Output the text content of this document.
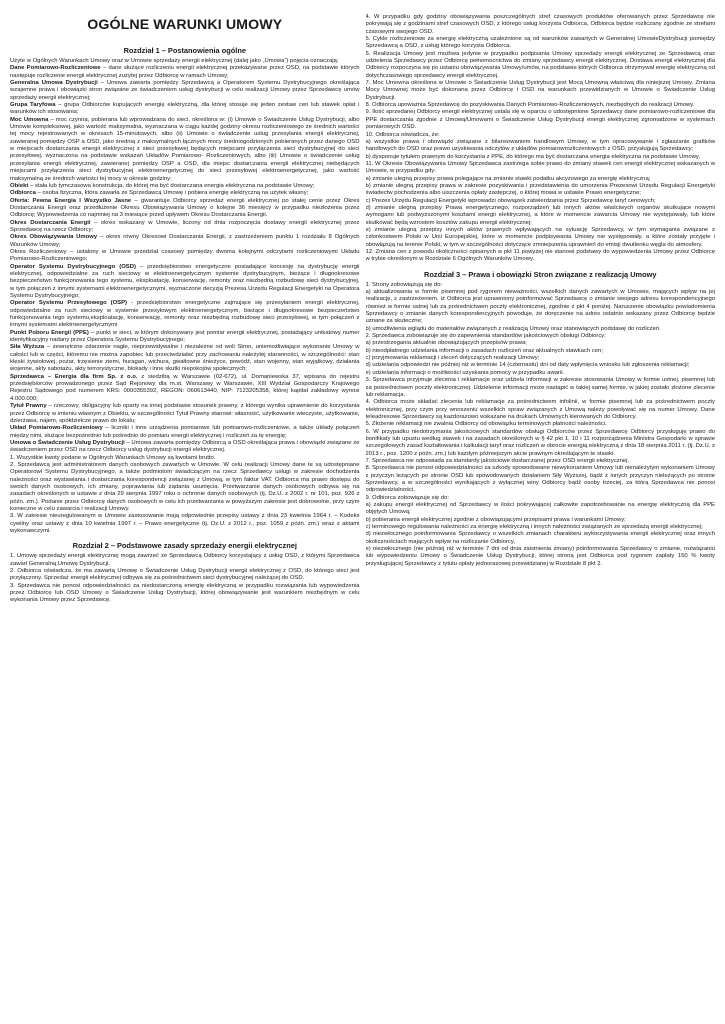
OGÓLNE WARUNKI UMOWY
Rozdział 1 – Postanowienia ogólne

Użyte w Ogólnych Warunkach Umowy oraz w Umowie sprzedaży energii elektrycznej (dalej jako „Umowa”) pojęcia oznaczają:

Dane Pomiarowo-Rozliczeniowe – dane służące rozliczeniu energii elektrycznej przekazywane przez OSD, na podstawie których następuje rozliczenie energii elektrycznej zużytej przez Odbiorcę w ramach Umowy;

Generalna Umowa Dystrybucji – Umowa zawarta pomiędzy Sprzedawcą a Operatorem Systemu Dystrybucyjnego określająca wzajemne prawa i obowiązki stron związane ze świadczeniem usług dystrybucji w celu realizacji Umowy przez Sprzedawcę umów sprzedaży energii elektrycznej;

Grupa Taryfowa – grupa Odbiorców kupujących energię elektryczną, dla której stosuje się jeden zestaw cen lub stawek opłat i warunków ich stosowania;

Moc Umowna – moc czynna, pobierana lub wprowadzana do sieci, określona w: (i) Umowie o Świadczenie Usług Dystrybucji, albo Umowie kompleksowej, jako wartość maksymalna, wyznaczana w ciągu każdej godziny okresu rozliczeniowego ze średnich wartości tej mocy rejestrowanych w okresach 15-minutowych, albo (ii) Umowie o świadczenie usług przesyłania energii elektrycznej, zawieranej pomiędzy OSP a OSD, jako średnią z maksymalnych łącznych mocy średniogodzinnych pobieranych przez danego OSD w miejscach dostarczania energii elektrycznej z sieci przesyłowej będących miejscami przyłączenia sieci dystrybucyjnej do sieci przesyłowej, wyznaczona na podstawie wskazań Układów Pomiarowo- Rozliczeniowych, albo (iii) Umowie o świadczenie usług przesyłania energii elektrycznej, zawieranej pomiędzy OSP a OSD, dla miejsc dostarczania energii elektrycznej niebędących miejscami przyłączenia sieci dystrybucyjnej elektroenergetycznej do sieci przesyłowej elektroenergetycznej, jako wartość maksymalną ze średnich wartości tej mocy w okresie godziny;

Obiekt – stała lub tymczasowa konstrukcja, do której ma być dostarczana energia elektryczna na podstawie Umowy;

Odbiorca – osoba fizyczna, która zawarła ze Sprzedawcą Umowę i pobiera energię elektryczną na użytek własny;

Oferta: Pewna Energia I Wszystko Jasne – gwarantuje Odbiorcy sprzedaż energii elektrycznej po stałej cenie przez Okres Dostarczania Energii oraz przedłużenie Okresu Obowiązywania Umowy o kolejne 36 miesięcy w przypadku niezłożenia przez Odbiorcę; Wypowiedzenia co najmniej na 3 miesiące przed upływem Okresu Dostarczania Energii.

Okres Dostarczania Energii – okres wskazany w Umowie, liczony od dnia rozpoczęcia dostawy energii elektrycznej przez Sprzedawcę na rzecz Odbiorcy;

Okres Obowiązywania Umowy – okres równy Okresowi Dostarczania Energii, z zastrzeżeniem punktu 1 rozdziału 8 Ogólnych Warunków Umowy;

Okres Rozliczeniowy – ustalony w Umowie przedział czasowy pomiędzy dwoma kolejnymi odczytami rozliczeniowymi Układu Pomiarowo-Rozliczeniowego;

Operator Systemu Dystrybucyjnego (OSD) – przedsiębiorstwo energetyczne posiadające koncesję na dystrybucję energii elektrycznej, odpowiedzialne za ruch sieciowy w elektroenergetycznym systemie dystrybucyjnym, bieżące i długookresowe bezpieczeństwo funkcjonowania tego systemu, eksploatację, konserwację, remonty oraz niezbędną rozbudowę sieci dystrybucyjnej, w tym połączeń z innymi systemami elektroenergetycznymi, wyznaczone decyzją Prezesa Urzędu Regulacji Energetyki na Operatora Systemu Dystrybucyjnego;

Operator Systemu Przesyłowego (OSP) - przedsiębiorstwo energetyczne zajmujące się przesyłaniem energii elektrycznej, odpowiedzialne za ruch sieciowy w systemie przesyłowym elektroenergetycznym, bieżące i długookresowe bezpieczeństwo funkcjonowania tego systemu,eksploatację, konserwację, remonty oraz niezbędną rozbudowę sieci przesyłowej, w tym połączeń z innymi systemami elektroenergetycznymi

Punkt Poboru Energii (PPE) – punkt w sieci, w którym dokonywany jest pomiar energii elektrycznej, posiadający unikatowy numer identyfikacyjny nadany przez Operatora Systemu Dystrybucyjnego;

Siła Wyższa – zewnętrzne zdarzenie nagłe, nieprzewidywalne i niezależne od woli Stron, uniemożliwiające wykonanie Umowy w całości lub w części, któremu nie można zapobiec lub przeciwdziałać przy zachowaniu należytej staranności, w szczególności: stan klęski żywiołowej, pożar, trzęsienie ziemi, huragan, wichura, gwałtowne śnieżyce, powódź, stan wojenny, stan wyjątkowy, działania wojenne, akty sabotażu, akty terrorystyczne, blokady i inne skutki niepokojów społecznych;

Sprzedawca – Energia dla firm Sp. z o.o. z siedzibą w Warszawie (02-672), ul. Domaniewska 37, wpisana do rejestru przedsiębiorców prowadzonego przez Sąd Rejonowy dla m.st. Warszawy w Warszawie, XIII Wydział Gospodarczy Krajowego Rejestru Sądowego pod numerem KRS: 0000355392, REGON: 060613440, NIP: 7123205358, której kapitał zakładowy wynosi 4.000.000;

Tytuł Prawny – rzeczowy, obligacyjny lub oparty na innej podstawie stosunek prawny, z którego wynika uprawnienie do korzystania przez Odbiorcę w imieniu własnym z Obiektu, w szczególności Tytuł Prawny stanowi: własność, użytkowanie wieczyste, użytkowanie, dzierżawa, najem, spółdzielcze prawo do lokalu;

Układ Pomiarowo-Rozliczeniowy – liczniki i inne urządzenia pomiarowe lub pomiarowo-rozliczeniowe, a także układy połączeń między nimi, służące bezpośrednio lub pośrednio do pomiaru energii elektrycznej i rozliczeń za tę energię;

Umowa o Świadczenie Usług Dystrybucji – Umowa zawarta pomiędzy Odbiorcą a OSD określająca prawa i obowiązki związane ze świadczeniem przez OSD na rzecz Odbiorcy usług dystrybucji energii elektrycznej.

1. Wszystkie kwoty podane w Ogólnych Warunkach Umowy są kwotami brutto.

2. Sprzedawcą jest administratorem danych osobowych zawartych w Umowie. W celu realizacji Umowy dane te są udostępniane Operatorowi Systemu Dystrybucyjnego, a także podmiotom świadczącym na rzecz Sprzedawcy usługi w zakresie dochodzenia należności oraz wystawiania i dostarczania korespondencji związanej z Umową, w tym faktur VAT. Odbiorca ma prawo dostępu do swoich danych osobowych, ich zmiany, poprawiania lub żądania usunięcia. Przetwarzanie danych osobowych odbywa się na zasadach określonych w ustawie z dnia 29 sierpnia 1997 roku o ochronie danych osobowych (tj. Dz.U. z 2002 r. nr 101, poz. 926 z późn. zm.). Podanie przez Odbiorcę danych osobowych w celu ich przetwarzania w powyższym zakresie jest dobrowolne, przy czym konieczne w celu zawarcia i realizacji Umowy.

3. W zakresie nieuregulowanym w Umowie zastosowanie mają odpowiednie przepisy ustawy z dnia 23 kwietnia 1964 r. – Kodeks cywilny oraz ustawy z dnia 10 kwietnia 1997 r. – Prawo energetyczne (tj. Dz.U. z 2012 r., poz. 1059 z późn. zm.) wraz z aktami wykonawczymi.

Rozdział 2 – Podstawowe zasady sprzedaży energii elektrycznej

1. Umowę sprzedaży energii elektrycznej mogą zawrzeć ze Sprzedawcą Odbiorcy korzystający z usług OSD, z którymi Sprzedawca zawarł Generalną Umowę Dystrybucji.

2. Odbiorca oświadcza, że ma zawartą Umowę o Świadczenie Usług Dystrybucji energii elektrycznej z OSD, do którego sieci jest przyłączony. Sprzedaż energii elektrycznej odbywa się za pośrednictwem sieci dystrybucyjnej należącej do OSD.

3. Sprzedawca nie ponosi odpowiedzialności za niedostarczoną energię elektryczną w przypadku rozwiązania lub wypowiedzenia przez Odbiorcę lub OSD Umowy o Świadczenie Usług Dystrybucji, której obowiązywanie jest warunkiem niezbędnym w celu wykonania Umowy przez Sprzedawcę.

4. W przypadku gdy godziny obowiązywania poszczególnych stref czasowych produktów oferowanych przez Sprzedawcę nie pokrywają się z godzinami stref czasowych OSD, z którego usług korzysta Odbiorca, Odbiorca będzie rozliczany zgodnie ze strefami czasowymi swojego OSD.

5. Cykle rozliczeniowe za energię elektryczną uzależnione są od warunków zawartych w Generalnej UmowieDystrybucji pomiędzy Sprzedawcą a OSD, z usług którego korzysta Odbiorca.

6. Realizacja Umowy jest możliwa jedynie w przypadku podpisania Umowy sprzedaży energii elektrycznej ze Sprzedawcą oraz udzielenia Sprzedawcy przez Odbiorcę pełnomocnictwa do zmiany sprzedawcy energii elektrycznej. Dostawa energii elektrycznej dla Odbiorcy rozpoczyna się po ustaniu obowiązywania Umowy/umów, na podstawie których Odbiorca otrzymywał energię elektryczną od dotychczasowego sprzedawcy energii elektrycznej.

7. Moc Umowna określona w Umowie o Świadczenie Usług Dystrybucji jest Mocą Umowną właściwą dla niniejszej Umowy. Zmiana Mocy Umownej może być dokonana przez Odbiorcę i OSD na warunkach przewidzianych w Umowie o Świadczenie Usług Dystrybucji.

8. Odbiorca upoważnia Sprzedawcę do pozyskiwania Danych Pomiarowo-Rozliczeniowych, niezbędnych do realizacji Umowy.

9. Ilość sprzedanej Odbiorcy energii elektrycznej ustala się w oparciu o udostępnione Sprzedawcy dane pomiarowo-rozliczeniowe dla PPE dostarczania zgodnie z Umową/Umowami o Świadczenie Usług Dystrybucji energii elektrycznej zgromadzone w systemach pomiarowych OSD.

10. Odbiorca oświadcza, że:

a) wszystkie prawa i obowiązki związane z bilansowaniem handlowym Umowy, w tym opracowywanie i zgłaszanie grafików handlowych do OSD oraz prawo uzyskiwania odczytów z układów pomiarowrozliczeniowych z OSD, przysługują Sprzedawcy;

b) dysponuje tytułem prawnym do korzystania z PPE, do którego ma być dostarczana energia elektryczna na podstawie Umowy.

11. W Okresie Obowiązywania Umowy Sprzedawca zastrzega sobie prawo do zmiany stawek cen energii elektrycznej wskazanych w Umowie, w przypadku gdy:

a) zmianie ulegną przepisy prawa polegające na zmianie stawki podatku akcyzowego za energię elektryczną;

b) zmianie ulegną przepisy prawa w zakresie pozyskiwania i przedstawienia do umorzenia Prezesowi Urzędu Regulacji Energetyki świadectw pochodzenia albo uiszczenia opłaty zastępczej, o której mowa w ustawie Prawo energetyczne;

c) Prezes Urzędu Regulacji Energetyki wprowadzi obowiązek zatwierdzania przez Sprzedawcę taryf cenowych;

d) zmianie ulegną przepisy Prawa energetycznego, rozporządzeń lub innych aktów właściwych organów skutkujące nowymi wymogami lub podwyższonymi kosztami energii elektrycznej, a które w momencie zawarcia Umowy nie występowały, lub które skutkować będą wzrostem kosztów zakupu energii elektrycznej;

e) zmianie ulegną przepisy innych aktów prawnych wpływających na sytuację Sprzedawcy, w tym wymagania związane z członkostwem Polski w Unii Europejskiej, które w momencie podpisywania Umowy nie występowały, a które zostały przyjęte i obowiązują na terenie Polski, w tym w szczególności dotyczące zmniejszenia uprawnień do emisji dwutlenku węgla do atmosfery.

12. Zmiana cen z powodu okoliczności opisanych w pkt 11 powyżej nie stanowi podstawy do wypowiedzenia Umowy przez Odbiorcę w trybie określonym w Rozdziale 6 Ogólnych Warunków Umowy.

Rozdział 3 – Prawa i obowiązki Stron związane z realizacją Umowy

1. Strony zobowiązują się do:

a) aktualizowania w formie pisemnej pod rygorem nieważności, wszelkich danych zawartych w Umowie, mających wpływ na jej realizację, z zastrzeżeniem, iż Odbiorca jest uprawniony poinformować Sprzedawcę o zmianie swojego adresu korespondencyjnego również w formie ustnej lub za pośrednictwem poczty elektronicznej, zgodnie z pkt 4 poniżej. Naruszenie obowiązku powiadomienia Sprzedawcy o zmianie danych korespondencyjnych powoduje, że doręczenie na adres ostatnio wskazany przez Odbiorcę będzie uznane za skuteczne;

b) umożliwienia wglądu do materiałów związanych z realizacją Umowy oraz stanowiących podstawę do rozliczeń.

2. Sprzedawca zobowiązuje się do zapewnienia standardów jakościowych obsługi Odbiorcy:

a) przestrzegania aktualnie obowiązujących przepisów prawa;

b) nieodpłatnego udzielania informacji o zasadach rozliczeń oraz aktualnych stawkach cen;

c) przyjmowania reklamacji i zleceń dotyczących realizacji Umowy;

d) udzielania odpowiedzi nie później niż w terminie 14 (czternastu) dni od daty wpłynięcia wniosku lub zgłoszenia reklamacji;

e) udzielania informacji o możliwości uzyskania pomocy w przypadku awarii.

3. Sprzedawca przyjmuje zlecenia i reklamacje oraz udziela informacji w zakresie stosowania Umowy w formie ustnej, pisemnej lub za pośrednictwem poczty elektronicznej. Udzielenie informacji może nastąpić w takiej samej formie, w jakiej zostało złożone zlecenie lub reklamacja.

4. Odbiorca może składać zlecenia lub reklamacje za pośrednictwem infolinii, w formie pisemnej lub za pośrednictwem poczty elektronicznej, przy czym przy wnoszeniu wszelkich spraw związanych z Umową należy powoływać się na numer Umowy. Dane teleadresowe Sprzedawcy są każdorazowo wskazane na drukach Umownych kierowanych do Odbiorcy.

5. Złożenie reklamacji nie zwalnia Odbiorcy od obowiązku terminowych płatności należności.

6. W przypadku niedotrzymania jakościowych standardów obsługi Odbiorców przez Sprzedawcę Odbiorcy przysługuje prawo do bonifikaty lub upustu według stawek i na zasadach określonych w § 42 pkt 1, 10 i 11 rozporządzenia Ministra Gospodarki w sprawie szczegółowych zasad kształtowania i kalkulacji taryf oraz rozliczeń w obrocie energią elektryczną z dnia 18 sierpnia 2011 r. (tj. Dz.U. z 2013 r., poz. 1200 z późn. zm.) lub każdym późniejszym akcie prawnym określającym te stawki.

7. Sprzedawca nie odpowiada za standardy jakościowe dostarczanej przez OSD energii elektrycznej.

8. Sprzedawca nie ponosi odpowiedzialności za szkody spowodowane niewykonaniem Umowy lub nienależytym wykonaniem Umowy z przyczyn leżących po stronie OSD lub spowodowanych działaniem Siły Wyższej, bądź z innych przyczyn nieleżących po stronie Sprzedawcy, a w szczególności wynikających z wyłącznej winy Odbiorcy bądź osoby trzeciej, za którą Sprzedawca nie ponosi odpowiedzialności.

9. Odbiorca zobowiązuje się do:

a) zakupu energii elektrycznej od Sprzedawcy w ilości pokrywającej całkowite zapotrzebowanie na energię elektryczną dla PPE objętych Umową;

b) pobierania energii elektrycznej zgodnie z obowiązującymi przepisami prawa i warunkami Umowy;

c) terminowego regulowania należności za energię elektryczną i innych należności związanych ze sprzedażą energii elektrycznej;

d) niezwłocznego poinformowania Sprzedawcy o wszelkich zmianach charakteru wykorzystywania energii elektrycznej oraz innych okolicznościach mających wpływ na rozliczanie Odbiorcy,

e) niezwłocznego (nie później niż w terminie 7 dni od dnia zaistnienia zmiany) poinformowania Sprzedawcy o zmianie, rozwiązaniu lub wypowiedzeniu Umowy o Świadczenie Usług Dystrybucji, której stroną jest Odbiorca pod rygorem zapłaty 150 % kwoty przysługującej Sprzedawcy z tytułu opłaty jednorazowej przewidzianej w Rozdziale 8 pkt 2.
